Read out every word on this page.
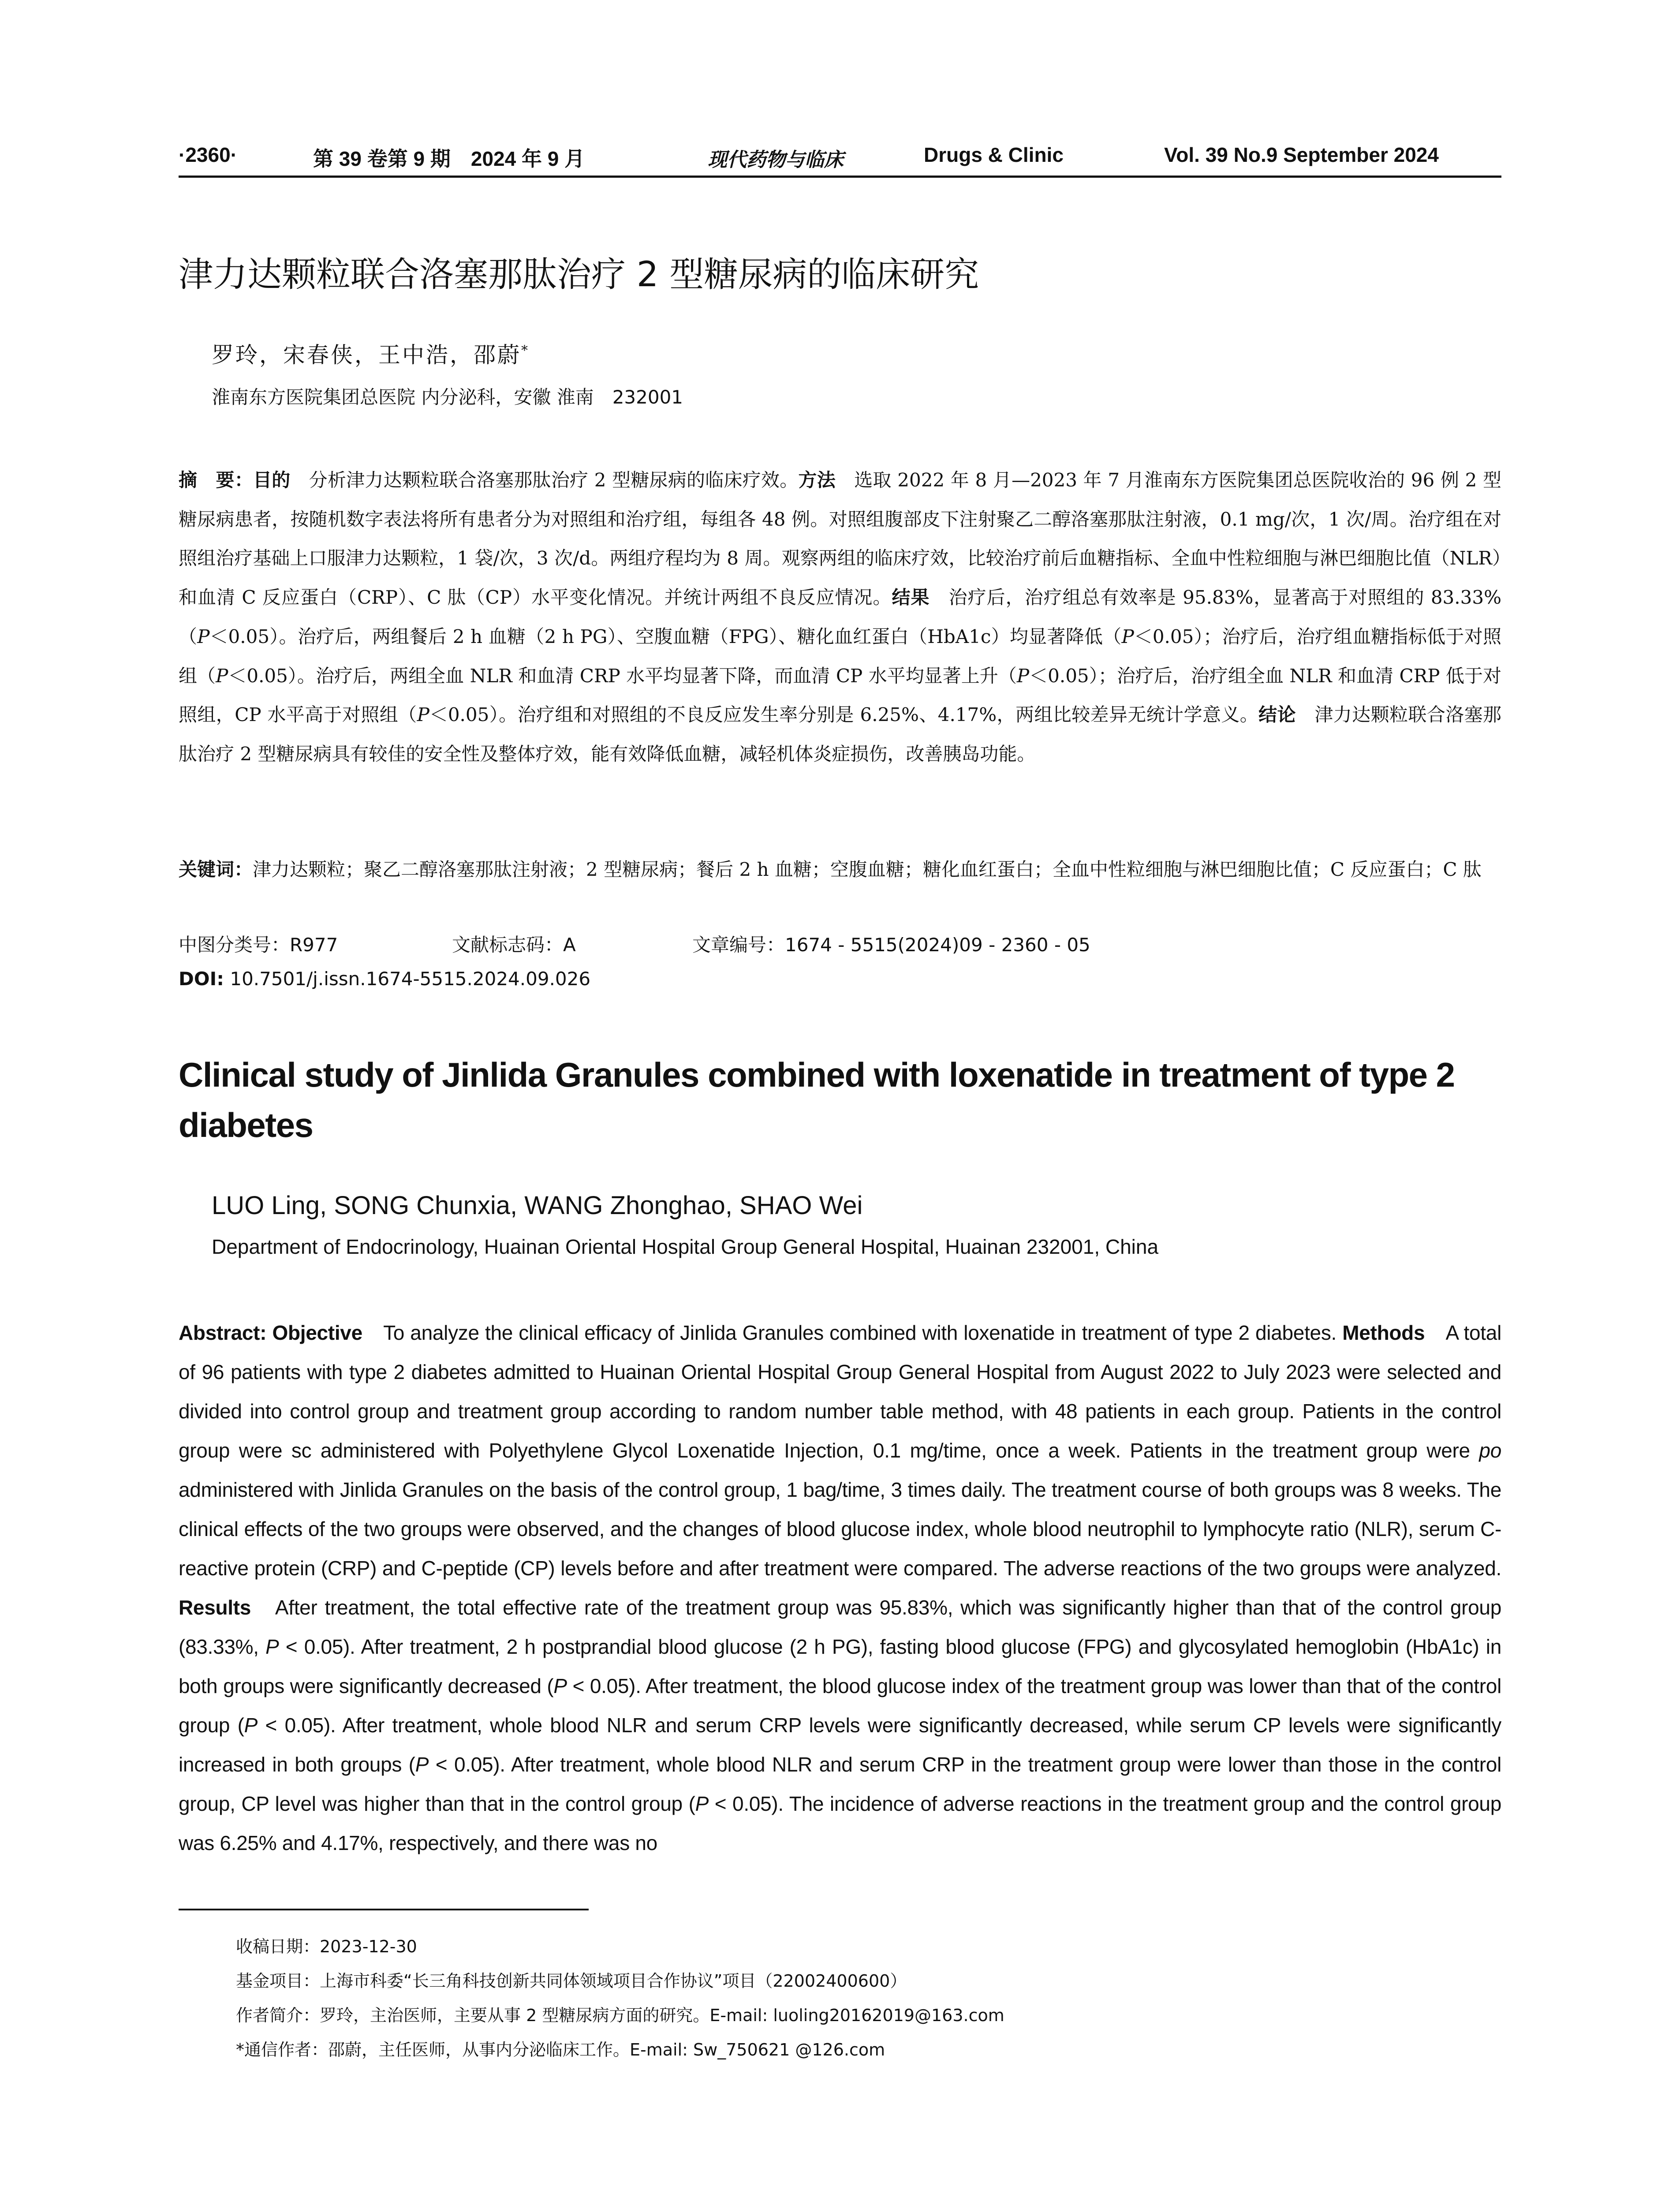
·2360·	第 39 卷第 9 期　2024 年 9 月	现代药物与临床	Drugs & Clinic	Vol. 39 No.9 September 2024
津力达颗粒联合洛塞那肽治疗 2 型糖尿病的临床研究
罗玲，宋春侠，王中浩，邵蔚*
淮南东方医院集团总医院 内分泌科，安徽 淮南　232001
摘　要：目的　分析津力达颗粒联合洛塞那肽治疗 2 型糖尿病的临床疗效。方法　选取 2022 年 8 月—2023 年 7 月淮南东方医院集团总医院收治的 96 例 2 型糖尿病患者，按随机数字表法将所有患者分为对照组和治疗组，每组各 48 例。对照组腹部皮下注射聚乙二醇洛塞那肽注射液，0.1 mg/次，1 次/周。治疗组在对照组治疗基础上口服津力达颗粒，1 袋/次，3 次/d。两组疗程均为 8 周。观察两组的临床疗效，比较治疗前后血糖指标、全血中性粒细胞与淋巴细胞比值（NLR）和血清 C 反应蛋白（CRP）、C 肽（CP）水平变化情况。并统计两组不良反应情况。结果　治疗后，治疗组总有效率是 95.83%，显著高于对照组的 83.33%（P＜0.05）。治疗后，两组餐后 2 h 血糖（2 h PG）、空腹血糖（FPG）、糖化血红蛋白（HbA1c）均显著降低（P＜0.05）；治疗后，治疗组血糖指标低于对照组（P＜0.05）。治疗后，两组全血 NLR 和血清 CRP 水平均显著下降，而血清 CP 水平均显著上升（P＜0.05）；治疗后，治疗组全血 NLR 和血清 CRP 低于对照组，CP 水平高于对照组（P＜0.05）。治疗组和对照组的不良反应发生率分别是 6.25%、4.17%，两组比较差异无统计学意义。结论　津力达颗粒联合洛塞那肽治疗 2 型糖尿病具有较佳的安全性及整体疗效，能有效降低血糖，减轻机体炎症损伤，改善胰岛功能。
关键词：津力达颗粒；聚乙二醇洛塞那肽注射液；2 型糖尿病；餐后 2 h 血糖；空腹血糖；糖化血红蛋白；全血中性粒细胞与淋巴细胞比值；C 反应蛋白；C 肽
中图分类号：R977	文献标志码：A	文章编号：1674 - 5515(2024)09 - 2360 - 05
DOI: 10.7501/j.issn.1674-5515.2024.09.026
Clinical study of Jinlida Granules combined with loxenatide in treatment of type 2 diabetes
LUO Ling, SONG Chunxia, WANG Zhonghao, SHAO Wei
Department of Endocrinology, Huainan Oriental Hospital Group General Hospital, Huainan 232001, China
Abstract: Objective　To analyze the clinical efficacy of Jinlida Granules combined with loxenatide in treatment of type 2 diabetes. Methods　A total of 96 patients with type 2 diabetes admitted to Huainan Oriental Hospital Group General Hospital from August 2022 to July 2023 were selected and divided into control group and treatment group according to random number table method, with 48 patients in each group. Patients in the control group were sc administered with Polyethylene Glycol Loxenatide Injection, 0.1 mg/time, once a week. Patients in the treatment group were po administered with Jinlida Granules on the basis of the control group, 1 bag/time, 3 times daily. The treatment course of both groups was 8 weeks. The clinical effects of the two groups were observed, and the changes of blood glucose index, whole blood neutrophil to lymphocyte ratio (NLR), serum C-reactive protein (CRP) and C-peptide (CP) levels before and after treatment were compared. The adverse reactions of the two groups were analyzed. Results　After treatment, the total effective rate of the treatment group was 95.83%, which was significantly higher than that of the control group (83.33%, P < 0.05). After treatment, 2 h postprandial blood glucose (2 h PG), fasting blood glucose (FPG) and glycosylated hemoglobin (HbA1c) in both groups were significantly decreased (P < 0.05). After treatment, the blood glucose index of the treatment group was lower than that of the control group (P < 0.05). After treatment, whole blood NLR and serum CRP levels were significantly decreased, while serum CP levels were significantly increased in both groups (P < 0.05). After treatment, whole blood NLR and serum CRP in the treatment group were lower than those in the control group, CP level was higher than that in the control group (P < 0.05). The incidence of adverse reactions in the treatment group and the control group was 6.25% and 4.17%, respectively, and there was no
收稿日期：2023-12-30
基金项目：上海市科委“长三角科技创新共同体领域项目合作协议”项目（22002400600）
作者简介：罗玲，主治医师，主要从事 2 型糖尿病方面的研究。E-mail: luoling20162019@163.com
*通信作者：邵蔚，主任医师，从事内分泌临床工作。E-mail: Sw_750621 @126.com
